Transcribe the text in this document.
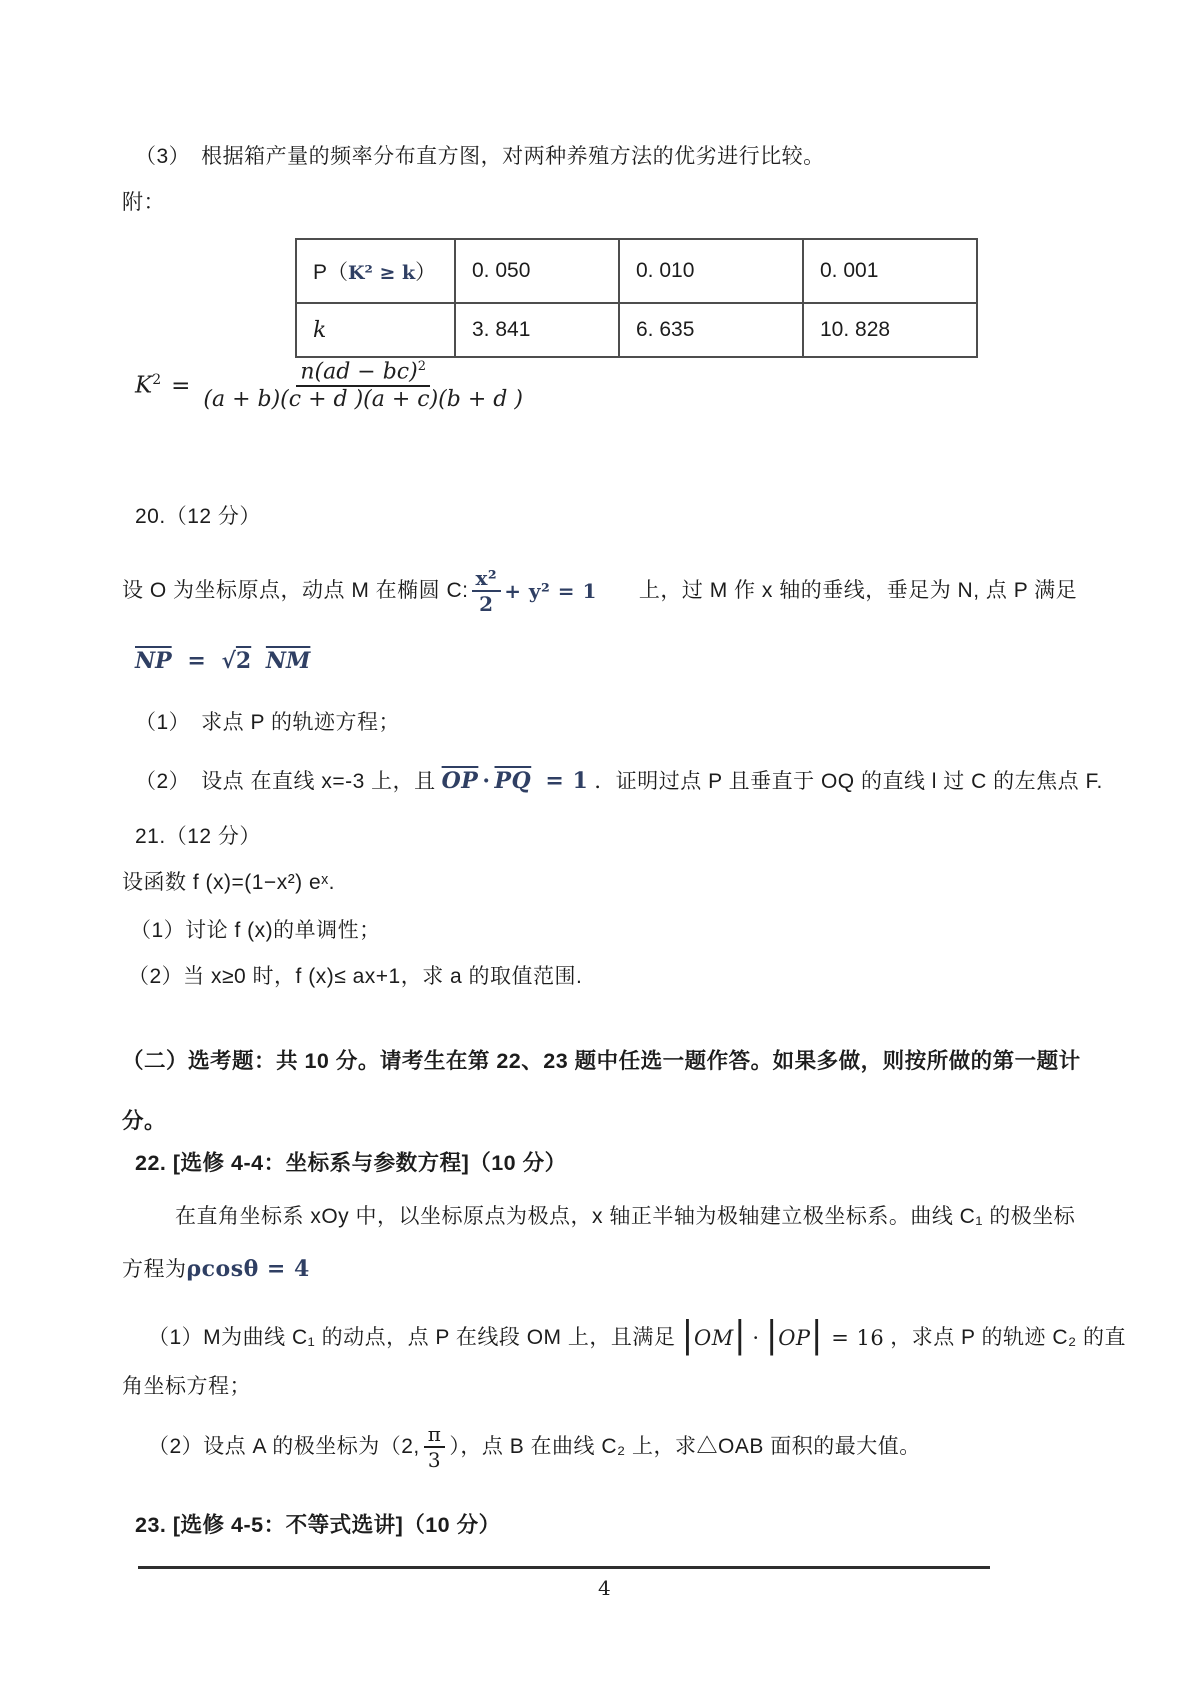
（3）　根据箱产量的频率分布直方图，对两种养殖方法的优劣进行比较。
附：
P（K² ≥ k）	0. 050	0. 010	0. 001
k	3. 841	6. 635	10. 828
$K^2 = \frac{n(ad - bc)^2}{(a + b)(c + d )(a + c)(b + d )}$
20.（12 分）
设 O 为坐标原点，动点 M 在椭圆 C: $\frac{\text{x²}}{2} + y^2 = 1$ 上，过 M 作 x 轴的垂线，垂足为 N, 点 P 满足
$\overline{NP} = √2$ $\overline{NM}$
（1）　求点 P 的轨迹方程；
（2）　设点 在直线 x=-3 上，且 $\overline{OP} \cdot \overline{PQ} = 1$ ．证明过点 P 且垂直于 OQ 的直线 l 过 C 的左焦点 F.
21.（12 分）
设函数 f (x)=(1−x²) eˣ.
（1）讨论 f (x)的单调性；
（2）当 x≥0 时，f (x)≤ ax+1，求 a 的取值范围.
（二）选考题：共 10 分。请考生在第 22、23 题中任选一题作答。如果多做，则按所做的第一题计
分。
22. [选修 4-4：坐标系与参数方程]（10 分）
在直角坐标系 xOy 中，以坐标原点为极点，x 轴正半轴为极轴建立极坐标系。曲线 C₁ 的极坐标
方程为 ρcosθ = 4
（1）M为曲线 C₁ 的动点，点 P 在线段 OM 上，且满足 | OM | · | OP | = 16 ，求点 P 的轨迹 C₂ 的直
角坐标方程；
（2）设点 A 的极坐标为（2, $\frac{\pi}{3}$ ），点 B 在曲线 C₂ 上，求△OAB 面积的最大值。
23. [选修 4-5：不等式选讲]（10 分）
4
